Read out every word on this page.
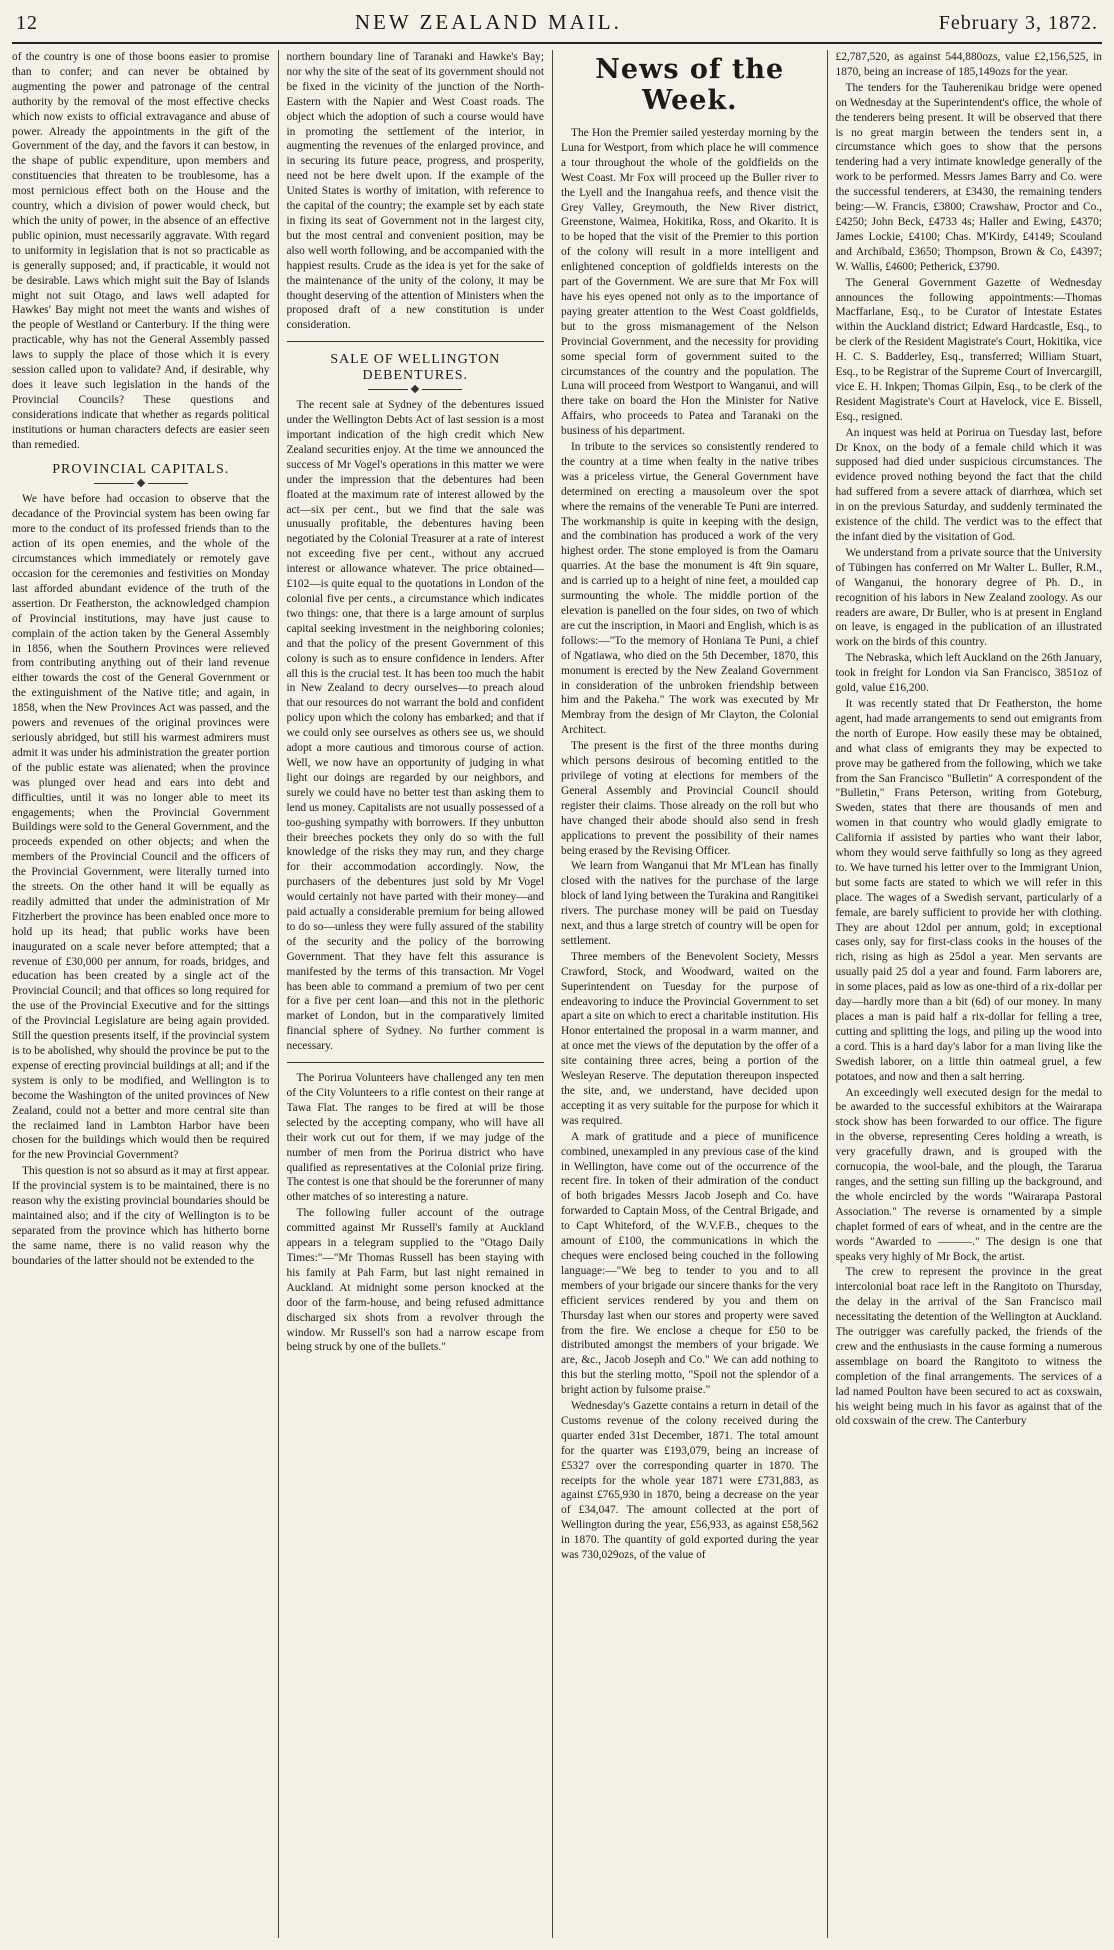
12	NEW ZEALAND MAIL.	February 3, 1872.

of the country is one of those boons easier to promise than to confer; and can never be obtained by augmenting the power and patronage of the central authority by the removal of the most effective checks which now exists to official extravagance and abuse of power. Already the appointments in the gift of the Government of the day, and the favors it can bestow, in the shape of public expenditure, upon members and constituencies that threaten to be troublesome, has a most pernicious effect both on the House and the country, which a division of power would check, but which the unity of power, in the absence of an effective public opinion, must necessarily aggravate. With regard to uniformity in legislation that is not so practicable as is generally supposed; and, if practicable, it would not be desirable. Laws which might suit the Bay of Islands might not suit Otago, and laws well adapted for Hawkes' Bay might not meet the wants and wishes of the people of Westland or Canterbury. If the thing were practicable, why has not the General Assembly passed laws to supply the place of those which it is every session called upon to validate? And, if desirable, why does it leave such legislation in the hands of the Provincial Councils? These questions and considerations indicate that whether as regards political institutions or human characters defects are easier seen than remedied.

PROVINCIAL CAPITALS.

We have before had occasion to observe that the decadance of the Provincial system has been owing far more to the conduct of its professed friends than to the action of its open enemies, and the whole of the circumstances which immediately or remotely gave occasion for the ceremonies and festivities on Monday last afforded abundant evidence of the truth of the assertion. Dr Featherston, the acknowledged champion of Provincial institutions, may have just cause to complain of the action taken by the General Assembly in 1856, when the Southern Provinces were relieved from contributing anything out of their land revenue either towards the cost of the General Government or the extinguishment of the Native title; and again, in 1858, when the New Provinces Act was passed, and the powers and revenues of the original provinces were seriously abridged, but still his warmest admirers must admit it was under his administration the greater portion of the public estate was alienated; when the province was plunged over head and ears into debt and difficulties, until it was no longer able to meet its engagements; when the Provincial Government Buildings were sold to the General Government, and the proceeds expended on other objects; and when the members of the Provincial Council and the officers of the Provincial Government, were literally turned into the streets. On the other hand it will be equally as readily admitted that under the administration of Mr Fitzherbert the province has been enabled once more to hold up its head; that public works have been inaugurated on a scale never before attempted; that a revenue of £30,000 per annum, for roads, bridges, and education has been created by a single act of the Provincial Council; and that offices so long required for the use of the Provincial Executive and for the sittings of the Provincial Legislature are being again provided. Still the question presents itself, if the provincial system is to be abolished, why should the province be put to the expense of erecting provincial buildings at all; and if the system is only to be modified, and Wellington is to become the Washington of the united provinces of New Zealand, could not a better and more central site than the reclaimed land in Lambton Harbor have been chosen for the buildings which would then be required for the new Provincial Government?

This question is not so absurd as it may at first appear. If the provincial system is to be maintained, there is no reason why the existing provincial boundaries should be maintained also; and if the city of Wellington is to be separated from the province which has hitherto borne the same name, there is no valid reason why the boundaries of the latter should not be extended to the

northern boundary line of Taranaki and Hawke's Bay; nor why the site of the seat of its government should not be fixed in the vicinity of the junction of the North-Eastern with the Napier and West Coast roads. The object which the adoption of such a course would have in promoting the settlement of the interior, in augmenting the revenues of the enlarged province, and in securing its future peace, progress, and prosperity, need not be here dwelt upon. If the example of the United States is worthy of imitation, with reference to the capital of the country; the example set by each state in fixing its seat of Government not in the largest city, but the most central and convenient position, may be also well worth following, and be accompanied with the happiest results. Crude as the idea is yet for the sake of the maintenance of the unity of the colony, it may be thought deserving of the attention of Ministers when the proposed draft of a new constitution is under consideration.

SALE OF WELLINGTON DEBENTURES.

The recent sale at Sydney of the debentures issued under the Wellington Debts Act of last session is a most important indication of the high credit which New Zealand securities enjoy. At the time we announced the success of Mr Vogel's operations in this matter we were under the impression that the debentures had been floated at the maximum rate of interest allowed by the act—six per cent., but we find that the sale was unusually profitable, the debentures having been negotiated by the Colonial Treasurer at a rate of interest not exceeding five per cent., without any accrued interest or allowance whatever. The price obtained—£102—is quite equal to the quotations in London of the colonial five per cents., a circumstance which indicates two things: one, that there is a large amount of surplus capital seeking investment in the neighboring colonies; and that the policy of the present Government of this colony is such as to ensure confidence in lenders. After all this is the crucial test. It has been too much the habit in New Zealand to decry ourselves—to preach aloud that our resources do not warrant the bold and confident policy upon which the colony has embarked; and that if we could only see ourselves as others see us, we should adopt a more cautious and timorous course of action. Well, we now have an opportunity of judging in what light our doings are regarded by our neighbors, and surely we could have no better test than asking them to lend us money. Capitalists are not usually possessed of a too-gushing sympathy with borrowers. If they unbutton their breeches pockets they only do so with the full knowledge of the risks they may run, and they charge for their accommodation accordingly. Now, the purchasers of the debentures just sold by Mr Vogel would certainly not have parted with their money—and paid actually a considerable premium for being allowed to do so—unless they were fully assured of the stability of the security and the policy of the borrowing Government. That they have felt this assurance is manifested by the terms of this transaction. Mr Vogel has been able to command a premium of two per cent for a five per cent loan—and this not in the plethoric market of London, but in the comparatively limited financial sphere of Sydney. No further comment is necessary.

The Porirua Volunteers have challenged any ten men of the City Volunteers to a rifle contest on their range at Tawa Flat. The ranges to be fired at will be those selected by the accepting company, who will have all their work cut out for them, if we may judge of the number of men from the Porirua district who have qualified as representatives at the Colonial prize firing. The contest is one that should be the forerunner of many other matches of so interesting a nature.

The following fuller account of the outrage committed against Mr Russell's family at Auckland appears in a telegram supplied to the "Otago Daily Times:"—"Mr Thomas Russell has been staying with his family at Pah Farm, but last night remained in Auckland. At midnight some person knocked at the door of the farm-house, and being refused admittance discharged six shots from a revolver through the window. Mr Russell's son had a narrow escape from being struck by one of the bullets."

News of the Week.

The Hon the Premier sailed yesterday morning by the Luna for Westport, from which place he will commence a tour throughout the whole of the goldfields on the West Coast. Mr Fox will proceed up the Buller river to the Lyell and the Inangahua reefs, and thence visit the Grey Valley, Greymouth, the New River district, Greenstone, Waimea, Hokitika, Ross, and Okarito. It is to be hoped that the visit of the Premier to this portion of the colony will result in a more intelligent and enlightened conception of goldfields interests on the part of the Government. We are sure that Mr Fox will have his eyes opened not only as to the importance of paying greater attention to the West Coast goldfields, but to the gross mismanagement of the Nelson Provincial Government, and the necessity for providing some special form of government suited to the circumstances of the country and the population. The Luna will proceed from Westport to Wanganui, and will there take on board the Hon the Minister for Native Affairs, who proceeds to Patea and Taranaki on the business of his department.

In tribute to the services so consistently rendered to the country at a time when fealty in the native tribes was a priceless virtue, the General Government have determined on erecting a mausoleum over the spot where the remains of the venerable Te Puni are interred. The workmanship is quite in keeping with the design, and the combination has produced a work of the very highest order. The stone employed is from the Oamaru quarries. At the base the monument is 4ft 9in square, and is carried up to a height of nine feet, a moulded cap surmounting the whole. The middle portion of the elevation is panelled on the four sides, on two of which are cut the inscription, in Maori and English, which is as follows:—"To the memory of Honiana Te Puni, a chief of Ngatiawa, who died on the 5th December, 1870, this monument is erected by the New Zealand Government in consideration of the unbroken friendship between him and the Pakeha." The work was executed by Mr Membray from the design of Mr Clayton, the Colonial Architect.

The present is the first of the three months during which persons desirous of becoming entitled to the privilege of voting at elections for members of the General Assembly and Provincial Council should register their claims. Those already on the roll but who have changed their abode should also send in fresh applications to prevent the possibility of their names being erased by the Revising Officer.

We learn from Wanganui that Mr M'Lean has finally closed with the natives for the purchase of the large block of land lying between the Turakina and Rangitikei rivers. The purchase money will be paid on Tuesday next, and thus a large stretch of country will be open for settlement.

Three members of the Benevolent Society, Messrs Crawford, Stock, and Woodward, waited on the Superintendent on Tuesday for the purpose of endeavoring to induce the Provincial Government to set apart a site on which to erect a charitable institution. His Honor entertained the proposal in a warm manner, and at once met the views of the deputation by the offer of a site containing three acres, being a portion of the Wesleyan Reserve. The deputation thereupon inspected the site, and, we understand, have decided upon accepting it as very suitable for the purpose for which it was required.

A mark of gratitude and a piece of munificence combined, unexampled in any previous case of the kind in Wellington, have come out of the occurrence of the recent fire. In token of their admiration of the conduct of both brigades Messrs Jacob Joseph and Co. have forwarded to Captain Moss, of the Central Brigade, and to Capt Whiteford, of the W.V.F.B., cheques to the amount of £100, the communications in which the cheques were enclosed being couched in the following language:—"We beg to tender to you and to all members of your brigade our sincere thanks for the very efficient services rendered by you and them on Thursday last when our stores and property were saved from the fire. We enclose a cheque for £50 to be distributed amongst the members of your brigade. We are, &c., Jacob Joseph and Co." We can add nothing to this but the sterling motto, "Spoil not the splendor of a bright action by fulsome praise."

Wednesday's Gazette contains a return in detail of the Customs revenue of the colony received during the quarter ended 31st December, 1871. The total amount for the quarter was £193,079, being an increase of £5327 over the corresponding quarter in 1870. The receipts for the whole year 1871 were £731,883, as against £765,930 in 1870, being a decrease on the year of £34,047. The amount collected at the port of Wellington during the year, £56,933, as against £58,562 in 1870. The quantity of gold exported during the year was 730,029ozs, of the value of

£2,787,520, as against 544,880ozs, value £2,156,525, in 1870, being an increase of 185,149ozs for the year.

The tenders for the Tauherenikau bridge were opened on Wednesday at the Superintendent's office, the whole of the tenderers being present. It will be observed that there is no great margin between the tenders sent in, a circumstance which goes to show that the persons tendering had a very intimate knowledge generally of the work to be performed. Messrs James Barry and Co. were the successful tenderers, at £3430, the remaining tenders being:—W. Francis, £3800; Crawshaw, Proctor and Co., £4250; John Beck, £4733 4s; Haller and Ewing, £4370; James Lockie, £4100; Chas. M'Kirdy, £4149; Scouland and Archibald, £3650; Thompson, Brown & Co, £4397; W. Wallis, £4600; Petherick, £3790.

The General Government Gazette of Wednesday announces the following appointments:—Thomas Macffarlane, Esq., to be Curator of Intestate Estates within the Auckland district; Edward Hardcastle, Esq., to be clerk of the Resident Magistrate's Court, Hokitika, vice H. C. S. Badderley, Esq., transferred; William Stuart, Esq., to be Registrar of the Supreme Court of Invercargill, vice E. H. Inkpen; Thomas Gilpin, Esq., to be clerk of the Resident Magistrate's Court at Havelock, vice E. Bissell, Esq., resigned.

An inquest was held at Porirua on Tuesday last, before Dr Knox, on the body of a female child which it was supposed had died under suspicious circumstances. The evidence proved nothing beyond the fact that the child had suffered from a severe attack of diarrhœa, which set in on the previous Saturday, and suddenly terminated the existence of the child. The verdict was to the effect that the infant died by the visitation of God.

We understand from a private source that the University of Tübingen has conferred on Mr Walter L. Buller, R.M., of Wanganui, the honorary degree of Ph. D., in recognition of his labors in New Zealand zoology. As our readers are aware, Dr Buller, who is at present in England on leave, is engaged in the publication of an illustrated work on the birds of this country.

The Nebraska, which left Auckland on the 26th January, took in freight for London via San Francisco, 3851oz of gold, value £16,200.

It was recently stated that Dr Featherston, the home agent, had made arrangements to send out emigrants from the north of Europe. How easily these may be obtained, and what class of emigrants they may be expected to prove may be gathered from the following, which we take from the San Francisco "Bulletin" A correspondent of the "Bulletin," Frans Peterson, writing from Goteburg, Sweden, states that there are thousands of men and women in that country who would gladly emigrate to California if assisted by parties who want their labor, whom they would serve faithfully so long as they agreed to. We have turned his letter over to the Immigrant Union, but some facts are stated to which we will refer in this place. The wages of a Swedish servant, particularly of a female, are barely sufficient to provide her with clothing. They are about 12dol per annum, gold; in exceptional cases only, say for first-class cooks in the houses of the rich, rising as high as 25dol a year. Men servants are usually paid 25 dol a year and found. Farm laborers are, in some places, paid as low as one-third of a rix-dollar per day—hardly more than a bit (6d) of our money. In many places a man is paid half a rix-dollar for felling a tree, cutting and splitting the logs, and piling up the wood into a cord. This is a hard day's labor for a man living like the Swedish laborer, on a little thin oatmeal gruel, a few potatoes, and now and then a salt herring.

An exceedingly well executed design for the medal to be awarded to the successful exhibitors at the Wairarapa stock show has been forwarded to our office. The figure in the obverse, representing Ceres holding a wreath, is very gracefully drawn, and is grouped with the cornucopia, the wool-bale, and the plough, the Tararua ranges, and the setting sun filling up the background, and the whole encircled by the words "Wairarapa Pastoral Association." The reverse is ornamented by a simple chaplet formed of ears of wheat, and in the centre are the words "Awarded to ———." The design is one that speaks very highly of Mr Bock, the artist.

The crew to represent the province in the great intercolonial boat race left in the Rangitoto on Thursday, the delay in the arrival of the San Francisco mail necessitating the detention of the Wellington at Auckland. The outrigger was carefully packed, the friends of the crew and the enthusiasts in the cause forming a numerous assemblage on board the Rangitoto to witness the completion of the final arrangements. The services of a lad named Poulton have been secured to act as coxswain, his weight being much in his favor as against that of the old coxswain of the crew. The Canterbury
